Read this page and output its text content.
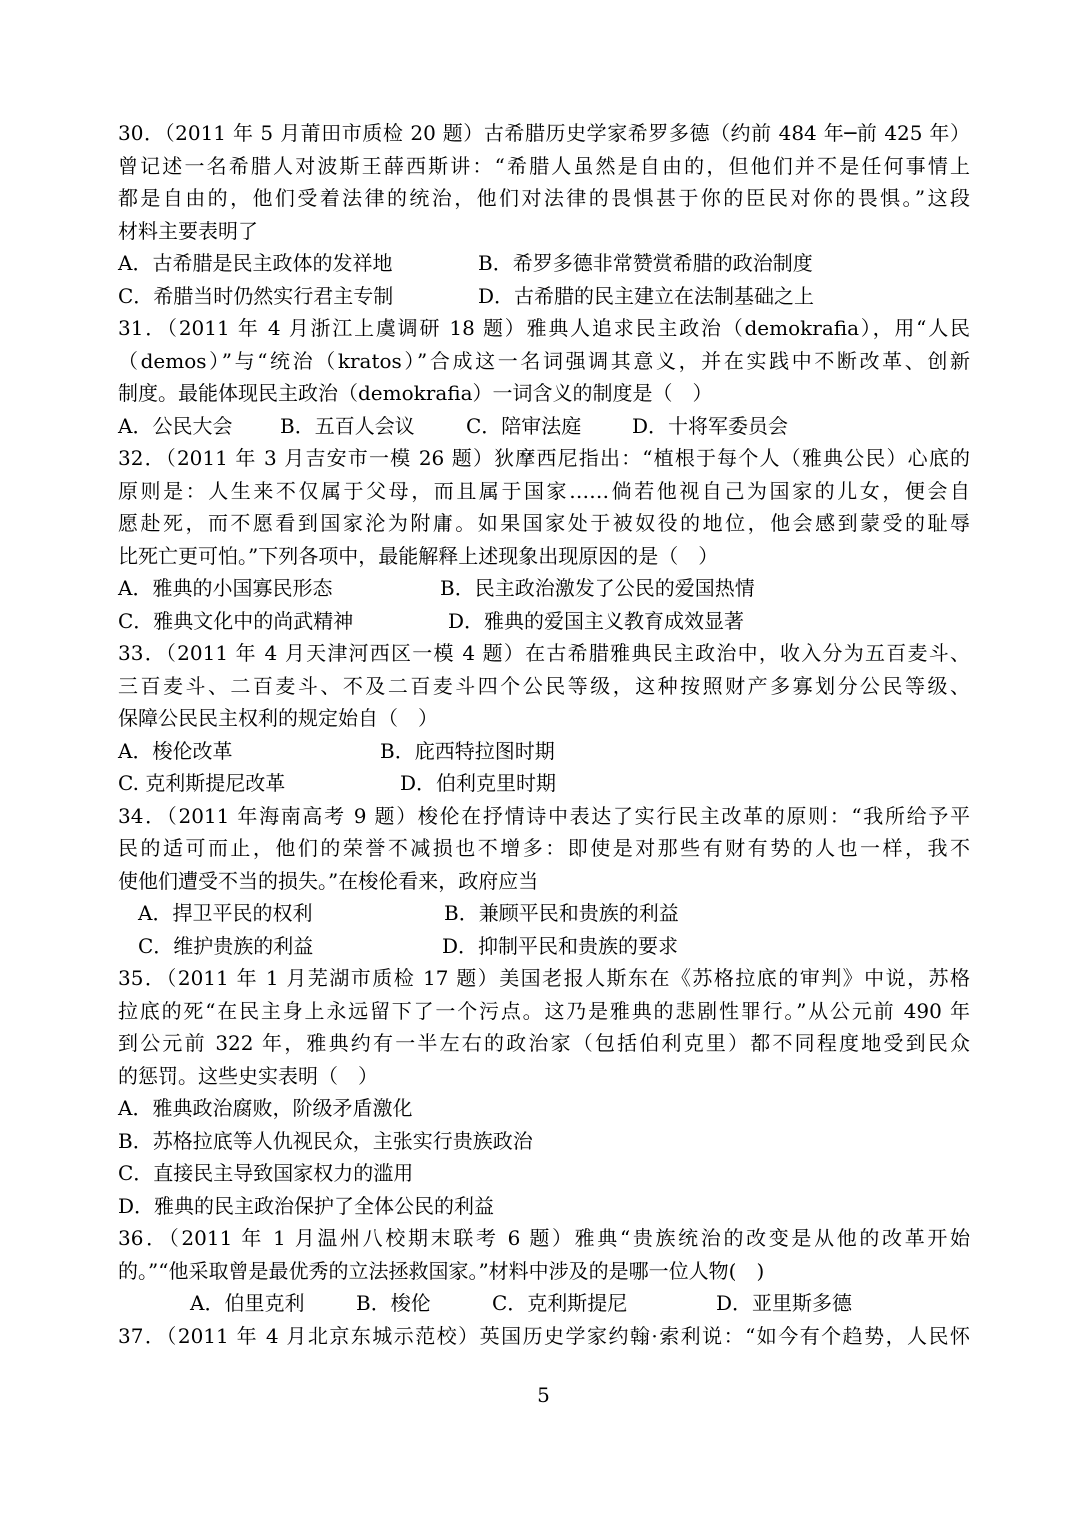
30．（2011 年 5 月莆田市质检 20 题）古希腊历史学家希罗多德（约前 484 年─前 425 年）
曾记述一名希腊人对波斯王薛西斯讲：“希腊人虽然是自由的，但他们并不是任何事情上
都是自由的，他们受着法律的统治，他们对法律的畏惧甚于你的臣民对你的畏惧。”这段
材料主要表明了
A．古希腊是民主政体的发祥地	B．希罗多德非常赞赏希腊的政治制度
C．希腊当时仍然实行君主专制	D．古希腊的民主建立在法制基础之上
31．（2011 年 4 月浙江上虞调研 18 题）雅典人追求民主政治（demokrafia），用“人民
（demos）”与“统治（kratos）”合成这一名词强调其意义，并在实践中不断改革、创新
制度。最能体现民主政治（demokrafia）一词含义的制度是（　）
A．公民大会 B．五百人会议	C．陪审法庭	D．十将军委员会
32．（2011 年 3 月吉安市一模 26 题）狄摩西尼指出：“植根于每个人（雅典公民）心底的
原则是：人生来不仅属于父母，而且属于国家……倘若他视自己为国家的儿女，便会自
愿赴死，而不愿看到国家沦为附庸。如果国家处于被奴役的地位，他会感到蒙受的耻辱
比死亡更可怕。”下列各项中，最能解释上述现象出现原因的是（　）
A．雅典的小国寡民形态	B．民主政治激发了公民的爱国热情
C．雅典文化中的尚武精神	D．雅典的爱国主义教育成效显著
33．（2011 年 4 月天津河西区一模 4 题）在古希腊雅典民主政治中，收入分为五百麦斗、
三百麦斗、二百麦斗、不及二百麦斗四个公民等级，这种按照财产多寡划分公民等级、
保障公民民主权利的规定始自（　）
A．梭伦改革	B．庇西特拉图时期
C. 克利斯提尼改革	D．伯利克里时期
34．（2011 年海南高考 9 题）梭伦在抒情诗中表达了实行民主改革的原则：“我所给予平
民的适可而止，他们的荣誉不减损也不增多：即使是对那些有财有势的人也一样，我不
使他们遭受不当的损失。”在梭伦看来，政府应当
A．捍卫平民的权利	B．兼顾平民和贵族的利益
C．维护贵族的利益	D．抑制平民和贵族的要求
35．（2011 年 1 月芜湖市质检 17 题）美国老报人斯东在《苏格拉底的审判》中说，苏格
拉底的死“在民主身上永远留下了一个污点。这乃是雅典的悲剧性罪行。”从公元前 490 年
到公元前 322 年，雅典约有一半左右的政治家（包括伯利克里）都不同程度地受到民众
的惩罚。这些史实表明（　）
A．雅典政治腐败，阶级矛盾激化
B．苏格拉底等人仇视民众，主张实行贵族政治
C．直接民主导致国家权力的滥用
D．雅典的民主政治保护了全体公民的利益
36．（2011 年 1 月温州八校期末联考 6 题）雅典“贵族统治的改变是从他的改革开始
的。”“他采取曾是最优秀的立法拯救国家。”材料中涉及的是哪一位人物(　)
A．伯里克利	B．梭伦	C．克利斯提尼	D．亚里斯多德
37．（2011 年 4 月北京东城示范校）英国历史学家约翰·索利说：“如今有个趋势，人民怀
5
